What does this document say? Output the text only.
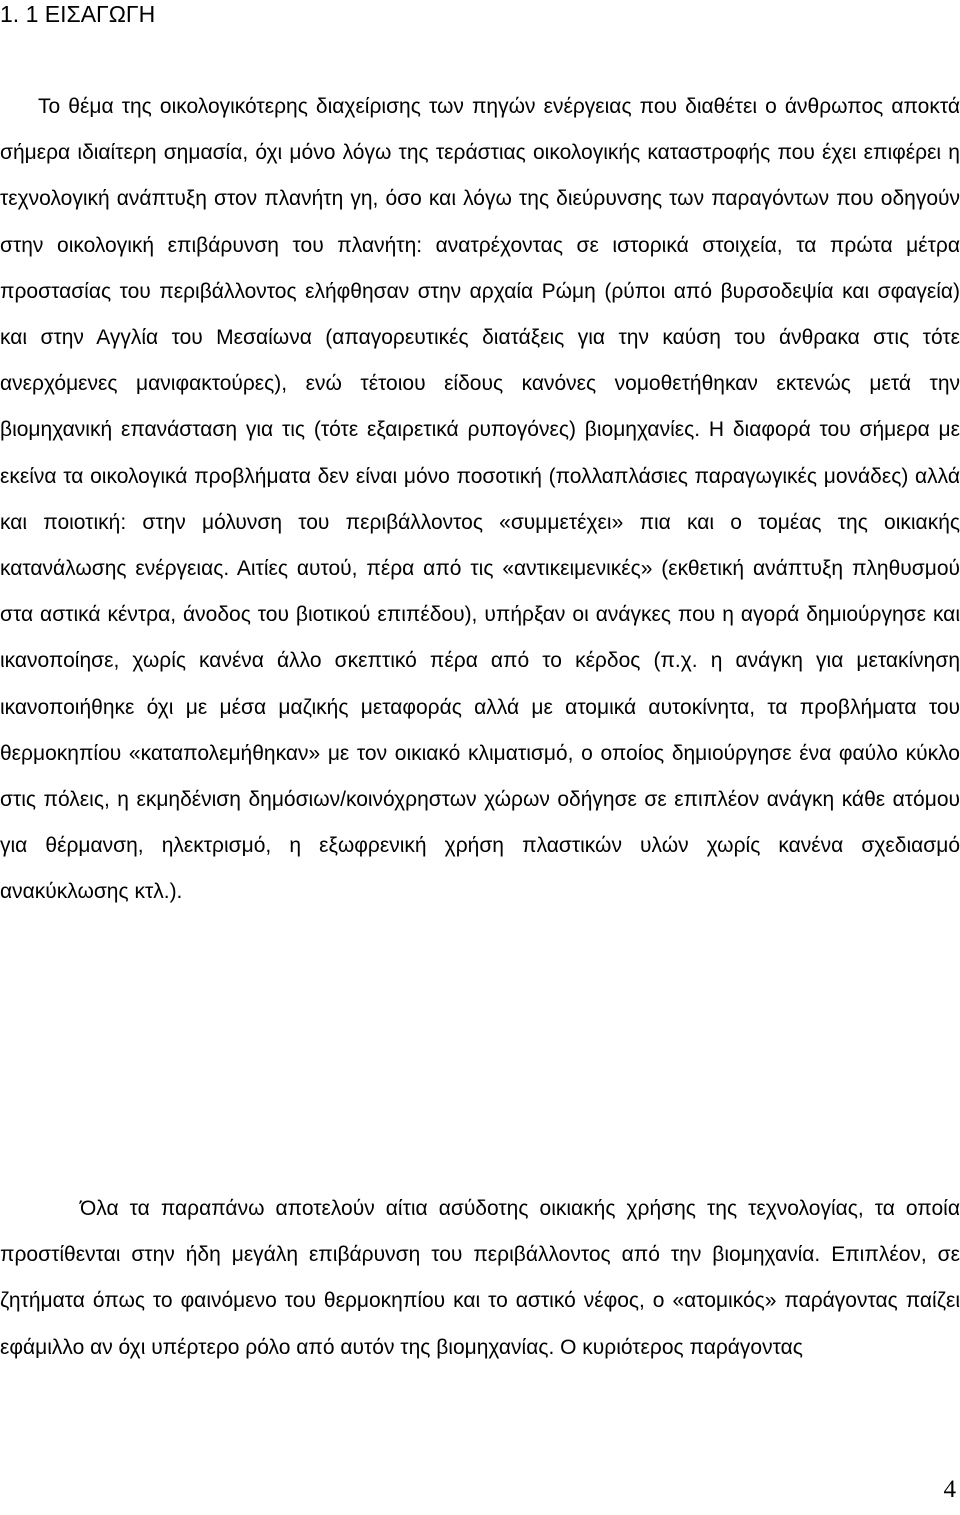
1. 1 ΕΙΣΑΓΩΓΗ

Το θέμα της οικολογικότερης διαχείρισης των πηγών ενέργειας που διαθέτει ο άνθρωπος αποκτά σήμερα ιδιαίτερη σημασία, όχι μόνο λόγω της τεράστιας οικολογικής καταστροφής που έχει επιφέρει η τεχνολογική ανάπτυξη στον πλανήτη γη, όσο και λόγω της διεύρυνσης των παραγόντων που οδηγούν στην οικολογική επιβάρυνση του πλανήτη: ανατρέχοντας σε ιστορικά στοιχεία, τα πρώτα μέτρα προστασίας του περιβάλλοντος ελήφθησαν στην αρχαία Ρώμη (ρύποι από βυρσοδεψία και σφαγεία) και στην Αγγλία του Μεσαίωνα (απαγορευτικές διατάξεις για την καύση του άνθρακα στις τότε ανερχόμενες μανιφακτούρες), ενώ τέτοιου είδους κανόνες νομοθετήθηκαν εκτενώς μετά την βιομηχανική επανάσταση για τις (τότε εξαιρετικά ρυπογόνες) βιομηχανίες. Η διαφορά του σήμερα με εκείνα τα οικολογικά προβλήματα δεν είναι μόνο ποσοτική (πολλαπλάσιες παραγωγικές μονάδες) αλλά και ποιοτική: στην μόλυνση του περιβάλλοντος «συμμετέχει» πια και ο τομέας της οικιακής κατανάλωσης ενέργειας. Αιτίες αυτού, πέρα από τις «αντικειμενικές» (εκθετική ανάπτυξη πληθυσμού στα αστικά κέντρα, άνοδος του βιοτικού επιπέδου), υπήρξαν οι ανάγκες που η αγορά δημιούργησε και ικανοποίησε, χωρίς κανένα άλλο σκεπτικό πέρα από το κέρδος (π.χ. η ανάγκη για μετακίνηση ικανοποιήθηκε όχι με μέσα μαζικής μεταφοράς αλλά με ατομικά αυτοκίνητα, τα προβλήματα του θερμοκηπίου «καταπολεμήθηκαν» με τον οικιακό κλιματισμό, ο οποίος δημιούργησε ένα φαύλο κύκλο στις πόλεις, η εκμηδένιση δημόσιων/κοινόχρηστων χώρων οδήγησε σε επιπλέον ανάγκη κάθε ατόμου για θέρμανση, ηλεκτρισμό, η εξωφρενική χρήση πλαστικών υλών χωρίς κανένα σχεδιασμό ανακύκλωσης κτλ.).

Όλα τα παραπάνω αποτελούν αίτια ασύδοτης οικιακής χρήσης της τεχνολογίας, τα οποία προστίθενται στην ήδη μεγάλη επιβάρυνση του περιβάλλοντος από την βιομηχανία. Επιπλέον, σε ζητήματα όπως το φαινόμενο του θερμοκηπίου και το αστικό νέφος, ο «ατομικός» παράγοντας παίζει εφάμιλλο αν όχι υπέρτερο ρόλο από αυτόν της βιομηχανίας. Ο κυριότερος παράγοντας

4
